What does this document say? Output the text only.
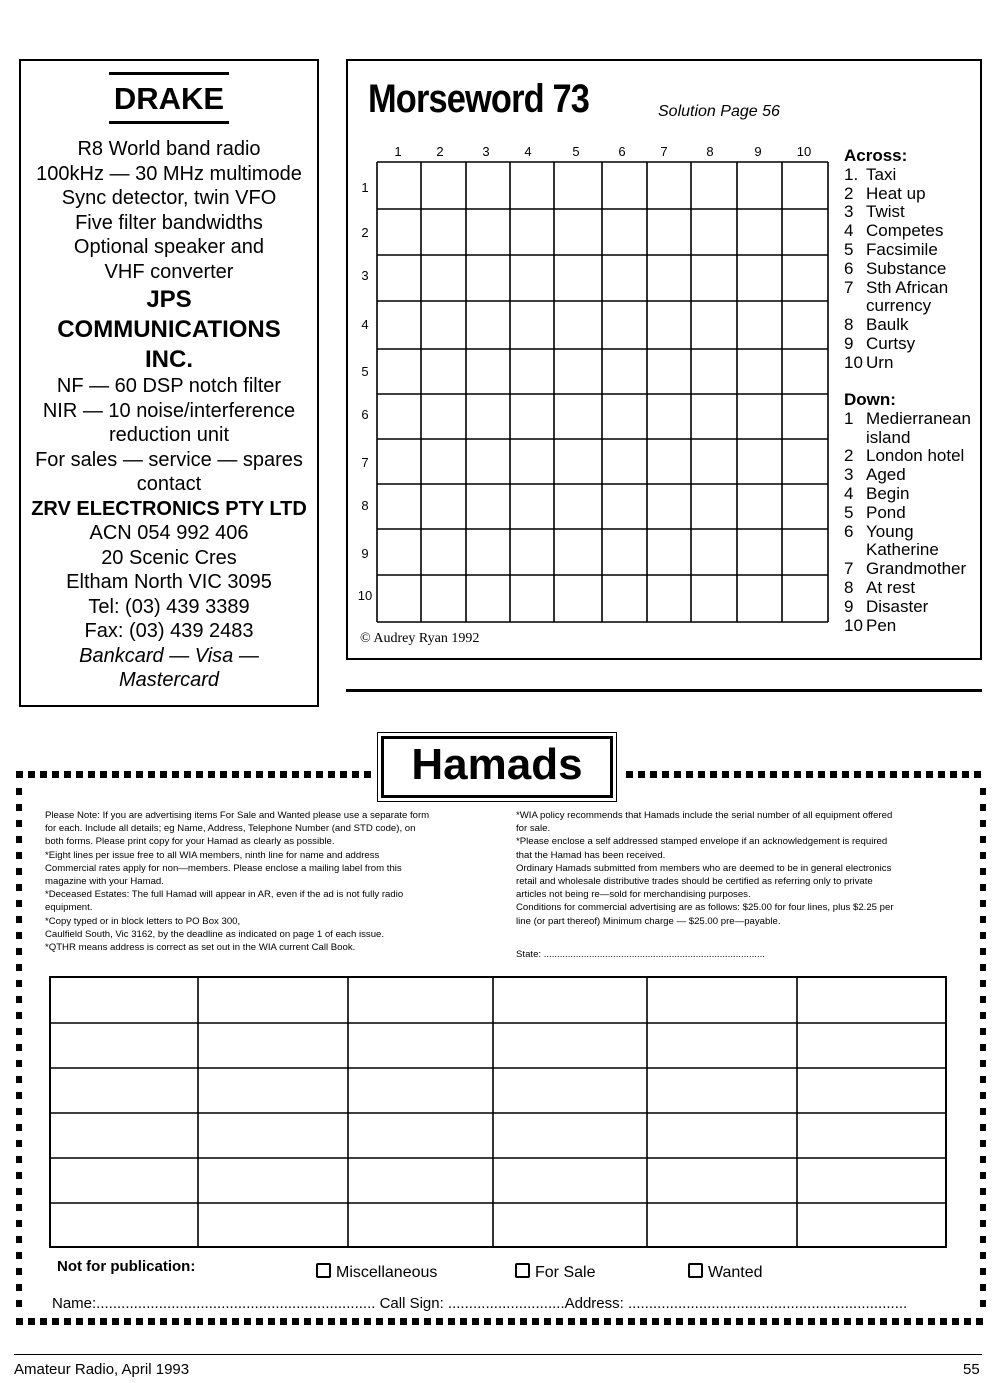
DRAKE
R8 World band radio
100kHz — 30 MHz multimode
Sync detector, twin VFO
Five filter bandwidths
Optional speaker and
VHF converter
JPS
COMMUNICATIONS
INC.
NF — 60 DSP notch filter
NIR — 10 noise/interference
reduction unit
For sales — service — spares
contact
ZRV ELECTRONICS PTY LTD
ACN 054 992 406
20 Scenic Cres
Eltham North VIC 3095
Tel: (03) 439 3389
Fax: (03) 439 2483
Bankcard — Visa —
Mastercard
Morseword 73	Solution Page 56
© Audrey Ryan 1992
Across:
1. Taxi
2 Heat up
3 Twist
4 Competes
5 Facsimile
6 Substance
7 Sth African
currency
8 Baulk
9 Curtsy
10 Urn
Down:
1 Medierranean
island
2 London hotel
3 Aged
4 Begin
5 Pond
6 Young
Katherine
7 Grandmother
8 At rest
9 Disaster
10 Pen
1	2	3	4	5	6	7	8	9	10
1
2
3
4
5
6
7
8
9
10
Hamads
Please Note: If you are advertising items For Sale and Wanted please use a separate form
for each. Include all details; eg Name, Address, Telephone Number (and STD code), on
both forms. Please print copy for your Hamad as clearly as possible.
*Eight lines per issue free to all WIA members, ninth line for name and address
Commercial rates apply for non—members. Please enclose a mailing label from this
magazine with your Hamad.
*Deceased Estates: The full Hamad will appear in AR, even if the ad is not fully radio
equipment.
*Copy typed or in block letters to PO Box 300,
Caulfield South, Vic 3162, by the deadline as indicated on page 1 of each issue.
*QTHR means address is correct as set out in the WIA current Call Book.
*WIA policy recommends that Hamads include the serial number of all equipment offered
for sale.
*Please enclose a self addressed stamped envelope if an acknowledgement is required
that the Hamad has been received.
Ordinary Hamads submitted from members who are deemed to be in general electronics
retail and wholesale distributive trades should be certified as referring only to private
articles not being re—sold for merchandising purposes.
Conditions for commercial advertising are as follows: $25.00 for four lines, plus $2.25 per
line (or part thereof) Minimum charge — $25.00 pre—payable.
State: ...................................................................................
Not for publication:	Miscellaneous	For Sale	Wanted
Name:................................................................... Call Sign: ............................Address: ...................................................................
Amateur Radio, April 1993	55
